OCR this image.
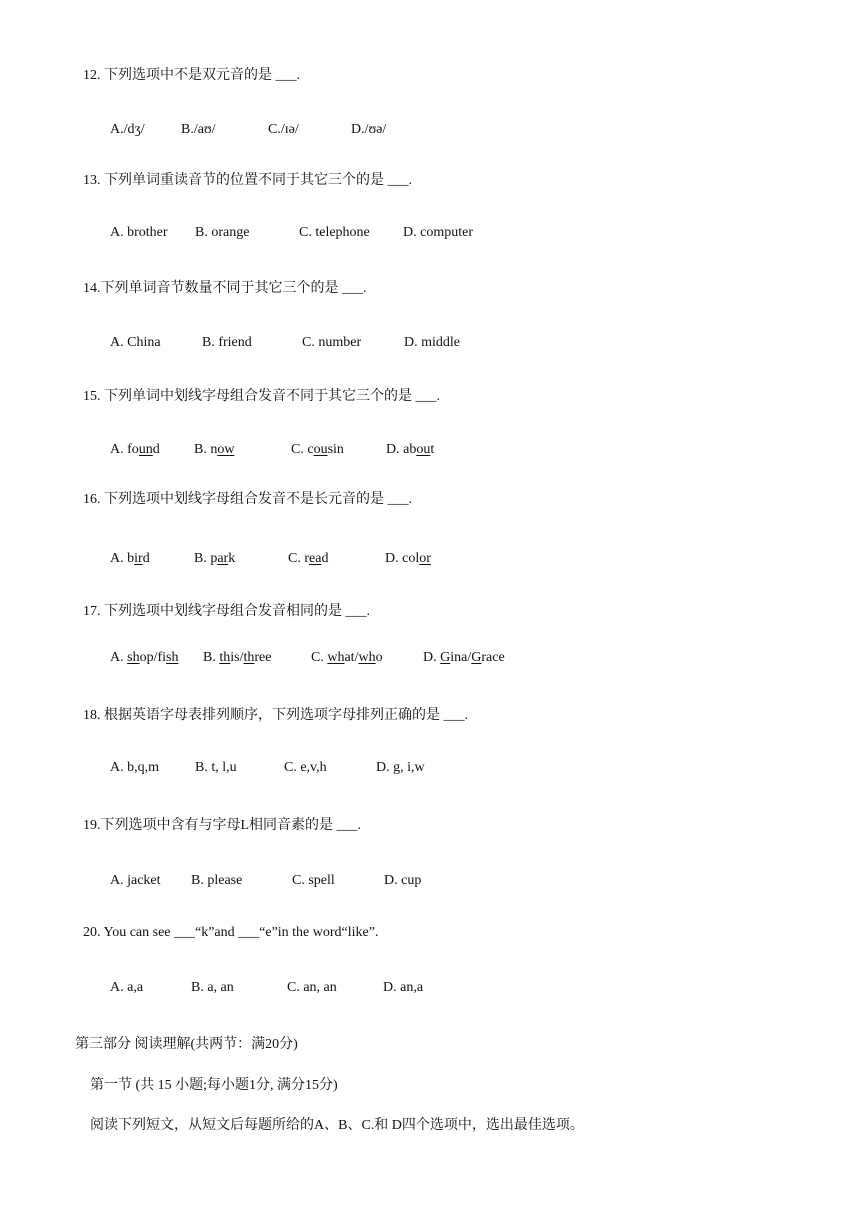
12. 下列选项中不是双元音的是 ___.
A./dʒ/	B./aʊ/	C./ɪə/	D./ʊə/
13. 下列单词重读音节的位置不同于其它三个的是 ___.
A. brother B. orange	C. telephone D. computer
14.下列单词音节数量不同于其它三个的是 ___.
A. China	B. friend	C. number	D. middle
15. 下列单词中划线字母组合发音不同于其它三个的是 ___.
A. found B. now	C. cousin	D. about
16. 下列选项中划线字母组合发音不是长元音的是 ___.
A. bird	B. park	C. read	D. color
17. 下列选项中划线字母组合发音相同的是 ___.
A. shop/fish B. this/three	C. what/who	D. Gina/Grace
18. 根据英语字母表排列顺序，下列选项字母排列正确的是 ___.
A. b,q,m	B. t, l,u	C. e,v,h	D. g, i,w
19.下列选项中含有与字母L相同音素的是 ___.
A. jacket B. please	C. spell	D. cup
20. You can see ___“k”and ___“e”in the word“like”.
A. a,a	B. a, an	C. an, an	D. an,a
第三部分 阅读理解(共两节：满20分)
第一节 (共 15 小题;每小题1分, 满分15分)
阅读下列短文，从短文后每题所给的A、B、C.和 D四个选项中，选出最佳选项。
